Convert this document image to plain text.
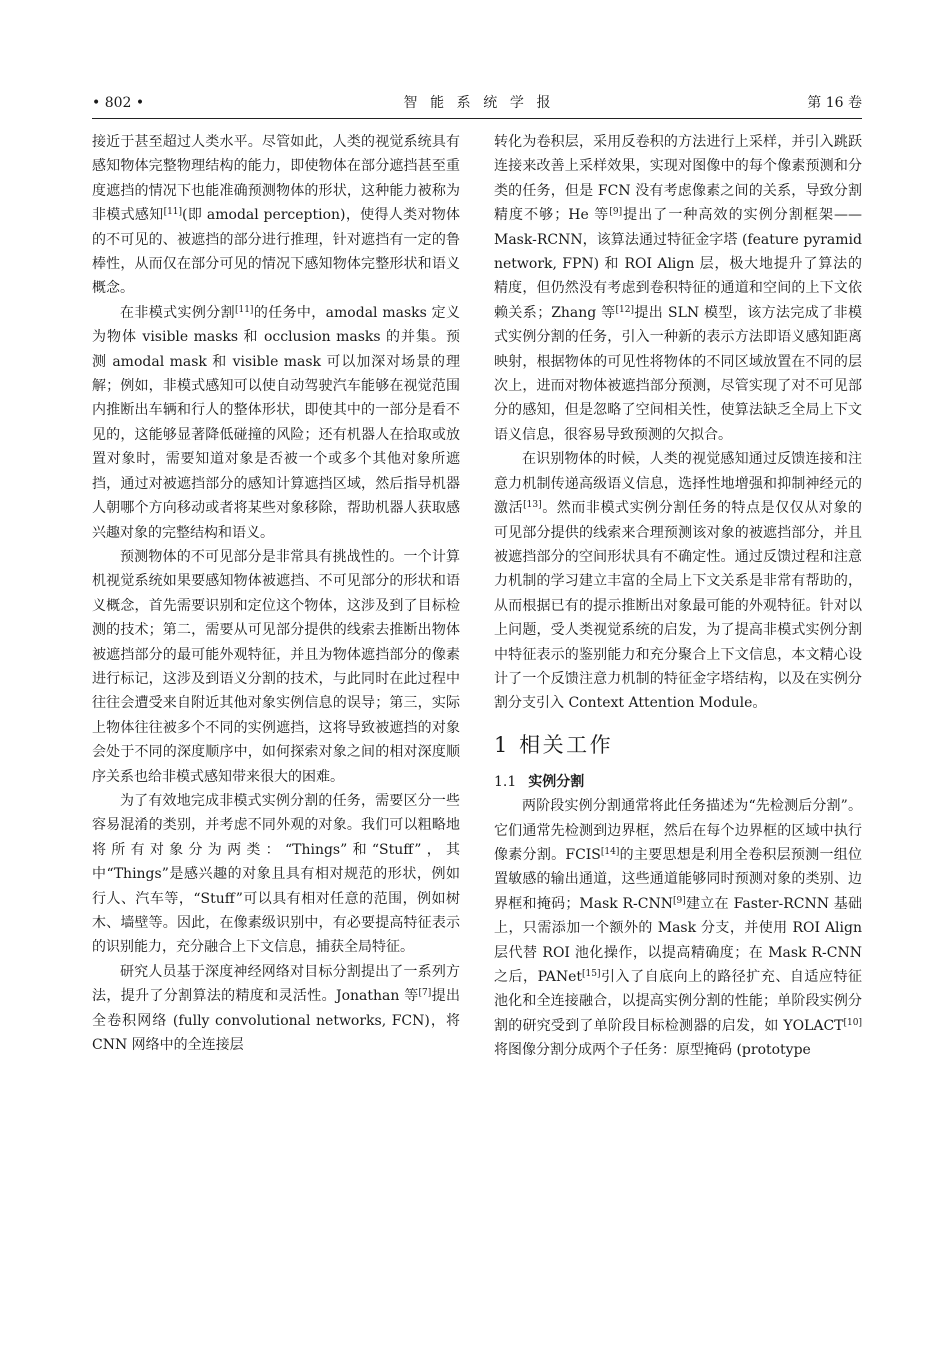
• 802 •	智能系统学报	第 16 卷

接近于甚至超过人类水平。尽管如此，人类的视觉系统具有感知物体完整物理结构的能力，即使物体在部分遮挡甚至重度遮挡的情况下也能准确预测物体的形状，这种能力被称为非模式感知[11](即 amodal perception)，使得人类对物体的不可见的、被遮挡的部分进行推理，针对遮挡有一定的鲁棒性，从而仅在部分可见的情况下感知物体完整形状和语义概念。

在非模式实例分割[11]的任务中，amodal masks 定义为物体 visible masks 和 occlusion masks 的并集。预测 amodal mask 和 visible mask 可以加深对场景的理解；例如，非模式感知可以使自动驾驶汽车能够在视觉范围内推断出车辆和行人的整体形状，即使其中的一部分是看不见的，这能够显著降低碰撞的风险；还有机器人在拾取或放置对象时，需要知道对象是否被一个或多个其他对象所遮挡，通过对被遮挡部分的感知计算遮挡区域，然后指导机器人朝哪个方向移动或者将某些对象移除，帮助机器人获取感兴趣对象的完整结构和语义。

预测物体的不可见部分是非常具有挑战性的。一个计算机视觉系统如果要感知物体被遮挡、不可见部分的形状和语义概念，首先需要识别和定位这个物体，这涉及到了目标检测的技术；第二，需要从可见部分提供的线索去推断出物体被遮挡部分的最可能外观特征，并且为物体遮挡部分的像素进行标记，这涉及到语义分割的技术，与此同时在此过程中往往会遭受来自附近其他对象实例信息的误导；第三，实际上物体往往被多个不同的实例遮挡，这将导致被遮挡的对象会处于不同的深度顺序中，如何探索对象之间的相对深度顺序关系也给非模式感知带来很大的困难。

为了有效地完成非模式实例分割的任务，需要区分一些容易混淆的类别，并考虑不同外观的对象。我们可以粗略地将所有对象分为两类：“Things”和“Stuff”，其中“Things”是感兴趣的对象且具有相对规范的形状，例如行人、汽车等，“Stuff”可以具有相对任意的范围，例如树木、墙壁等。因此，在像素级识别中，有必要提高特征表示的识别能力，充分融合上下文信息，捕获全局特征。

研究人员基于深度神经网络对目标分割提出了一系列方法，提升了分割算法的精度和灵活性。Jonathan 等[7]提出全卷积网络 (fully convolutional networks, FCN)，将 CNN 网络中的全连接层

转化为卷积层，采用反卷积的方法进行上采样，并引入跳跃连接来改善上采样效果，实现对图像中的每个像素预测和分类的任务，但是 FCN 没有考虑像素之间的关系，导致分割精度不够；He 等[9]提出了一种高效的实例分割框架——Mask-RCNN，该算法通过特征金字塔 (feature pyramid network, FPN) 和 ROI Align 层，极大地提升了算法的精度，但仍然没有考虑到卷积特征的通道和空间的上下文依赖关系；Zhang 等[12]提出 SLN 模型，该方法完成了非模式实例分割的任务，引入一种新的表示方法即语义感知距离映射，根据物体的可见性将物体的不同区域放置在不同的层次上，进而对物体被遮挡部分预测，尽管实现了对不可见部分的感知，但是忽略了空间相关性，使算法缺乏全局上下文语义信息，很容易导致预测的欠拟合。

在识别物体的时候，人类的视觉感知通过反馈连接和注意力机制传递高级语义信息，选择性地增强和抑制神经元的激活[13]。然而非模式实例分割任务的特点是仅仅从对象的可见部分提供的线索来合理预测该对象的被遮挡部分，并且被遮挡部分的空间形状具有不确定性。通过反馈过程和注意力机制的学习建立丰富的全局上下文关系是非常有帮助的，从而根据已有的提示推断出对象最可能的外观特征。针对以上问题，受人类视觉系统的启发，为了提高非模式实例分割中特征表示的鉴别能力和充分聚合上下文信息，本文精心设计了一个反馈注意力机制的特征金字塔结构，以及在实例分割分支引入 Context Attention Module。

1 相关工作
1.1 实例分割

两阶段实例分割通常将此任务描述为“先检测后分割”。它们通常先检测到边界框，然后在每个边界框的区域中执行像素分割。FCIS[14]的主要思想是利用全卷积层预测一组位置敏感的输出通道，这些通道能够同时预测对象的类别、边界框和掩码；Mask R-CNN[9]建立在 Faster-RCNN 基础上，只需添加一个额外的 Mask 分支，并使用 ROI Align 层代替 ROI 池化操作，以提高精确度；在 Mask R-CNN 之后，PANet[15]引入了自底向上的路径扩充、自适应特征池化和全连接融合，以提高实例分割的性能；单阶段实例分割的研究受到了单阶段目标检测器的启发，如 YOLACT[10]将图像分割分成两个子任务：原型掩码 (prototype
